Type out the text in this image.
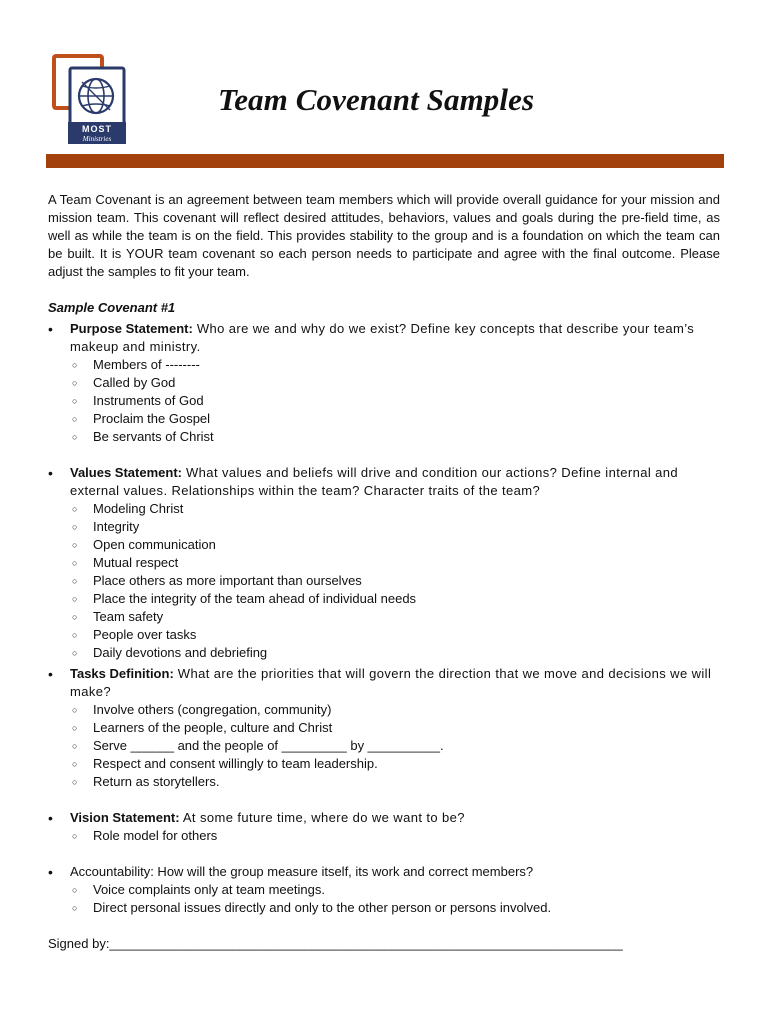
MOST
Ministries
Team Covenant Samples

A Team Covenant is an agreement between team members which will provide overall guidance for your mission and mission team. This covenant will reflect desired attitudes, behaviors, values and goals during the pre-field time, as well as while the team is on the field. This provides stability to the group and is a foundation on which the team can be built. It is YOUR team covenant so each person needs to participate and agree with the final outcome. Please adjust the samples to fit your team.

Sample Covenant #1
• Purpose Statement: Who are we and why do we exist? Define key concepts that describe your team’s makeup and ministry.
○ Members of --------
○ Called by God
○ Instruments of God
○ Proclaim the Gospel
○ Be servants of Christ
• Values Statement: What values and beliefs will drive and condition our actions? Define internal and external values. Relationships within the team? Character traits of the team?
○ Modeling Christ
○ Integrity
○ Open communication
○ Mutual respect
○ Place others as more important than ourselves
○ Place the integrity of the team ahead of individual needs
○ Team safety
○ People over tasks
○ Daily devotions and debriefing
• Tasks Definition: What are the priorities that will govern the direction that we move and decisions we will make?
○ Involve others (congregation, community)
○ Learners of the people, culture and Christ
○ Serve ______ and the people of _________ by __________.
○ Respect and consent willingly to team leadership.
○ Return as storytellers.
• Vision Statement: At some future time, where do we want to be?
○ Role model for others
• Accountability: How will the group measure itself, its work and correct members?
○ Voice complaints only at team meetings.
○ Direct personal issues directly and only to the other person or persons involved.
Signed by:_______________________________________________________________________
